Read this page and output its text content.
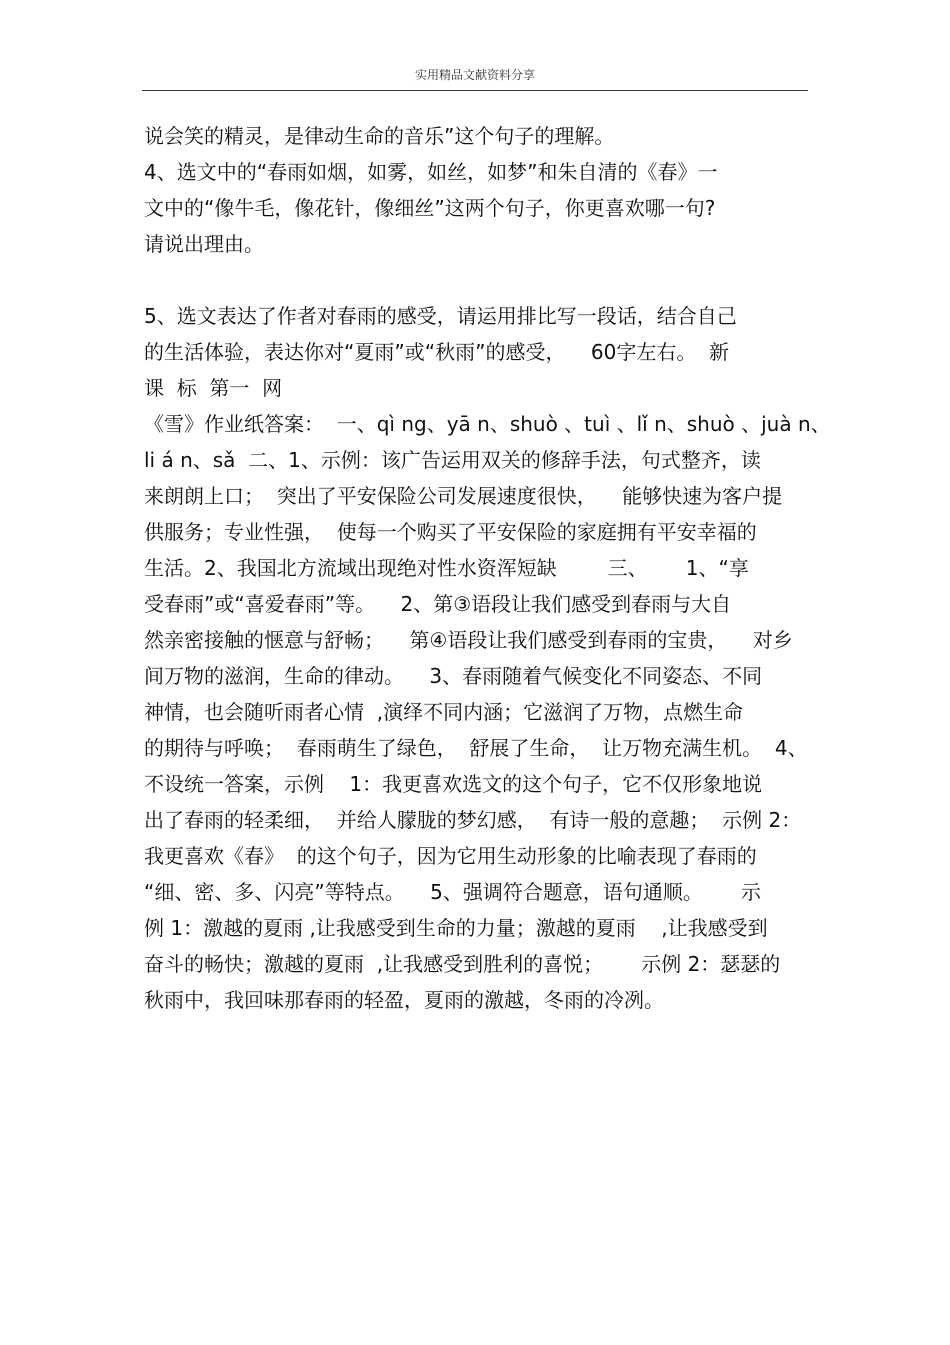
实用精品文献资料分享
说会笑的精灵，是律动生命的音乐”这个句子的理解。
4、选文中的“春雨如烟，如雾，如丝，如梦”和朱自清的《春》一
文中的“像牛毛，像花针，像细丝”这两个句子，你更喜欢哪一句?
请说出理由。
5、选文表达了作者对春雨的感受，请运用排比写一段话，结合自己
的生活体验，表达你对“夏雨”或“秋雨”的感受，    60字左右。  新
课  标  第一  网
《雪》作业纸答案：  一、qì ng、yā n、shuò 、tuì 、lǐ n、shuò 、juà n、
li á n、sǎ  二、1、示例：该广告运用双关的修辞手法，句式整齐，读
来朗朗上口；  突出了平安保险公司发展速度很快，    能够快速为客户提
供服务；专业性强，  使每一个购买了平安保险的家庭拥有平安幸福的
生活。2、我国北方流域出现绝对性水资浑短缺        三、      1、“享
受春雨”或“喜爱春雨”等。    2、第③语段让我们感受到春雨与大自
然亲密接触的惬意与舒畅；    第④语段让我们感受到春雨的宝贵，    对乡
间万物的滋润，生命的律动。    3、春雨随着气候变化不同姿态、不同
神情，也会随听雨者心情  ,演绎不同内涵；它滋润了万物，点燃生命
的期待与呼唤；  春雨萌生了绿色，  舒展了生命，  让万物充满生机。  4、
不设统一答案，示例    1：我更喜欢选文的这个句子，它不仅形象地说
出了春雨的轻柔细，  并给人朦胧的梦幻感，  有诗一般的意趣；  示例 2：
我更喜欢《春》  的这个句子，因为它用生动形象的比喻表现了春雨的
“细、密、多、闪亮”等特点。    5、强调符合题意，语句通顺。      示
例 1：激越的夏雨 ,让我感受到生命的力量；激越的夏雨    ,让我感受到
奋斗的畅快；激越的夏雨  ,让我感受到胜利的喜悦；      示例 2：瑟瑟的
秋雨中，我回味那春雨的轻盈，夏雨的激越，冬雨的冷冽。
